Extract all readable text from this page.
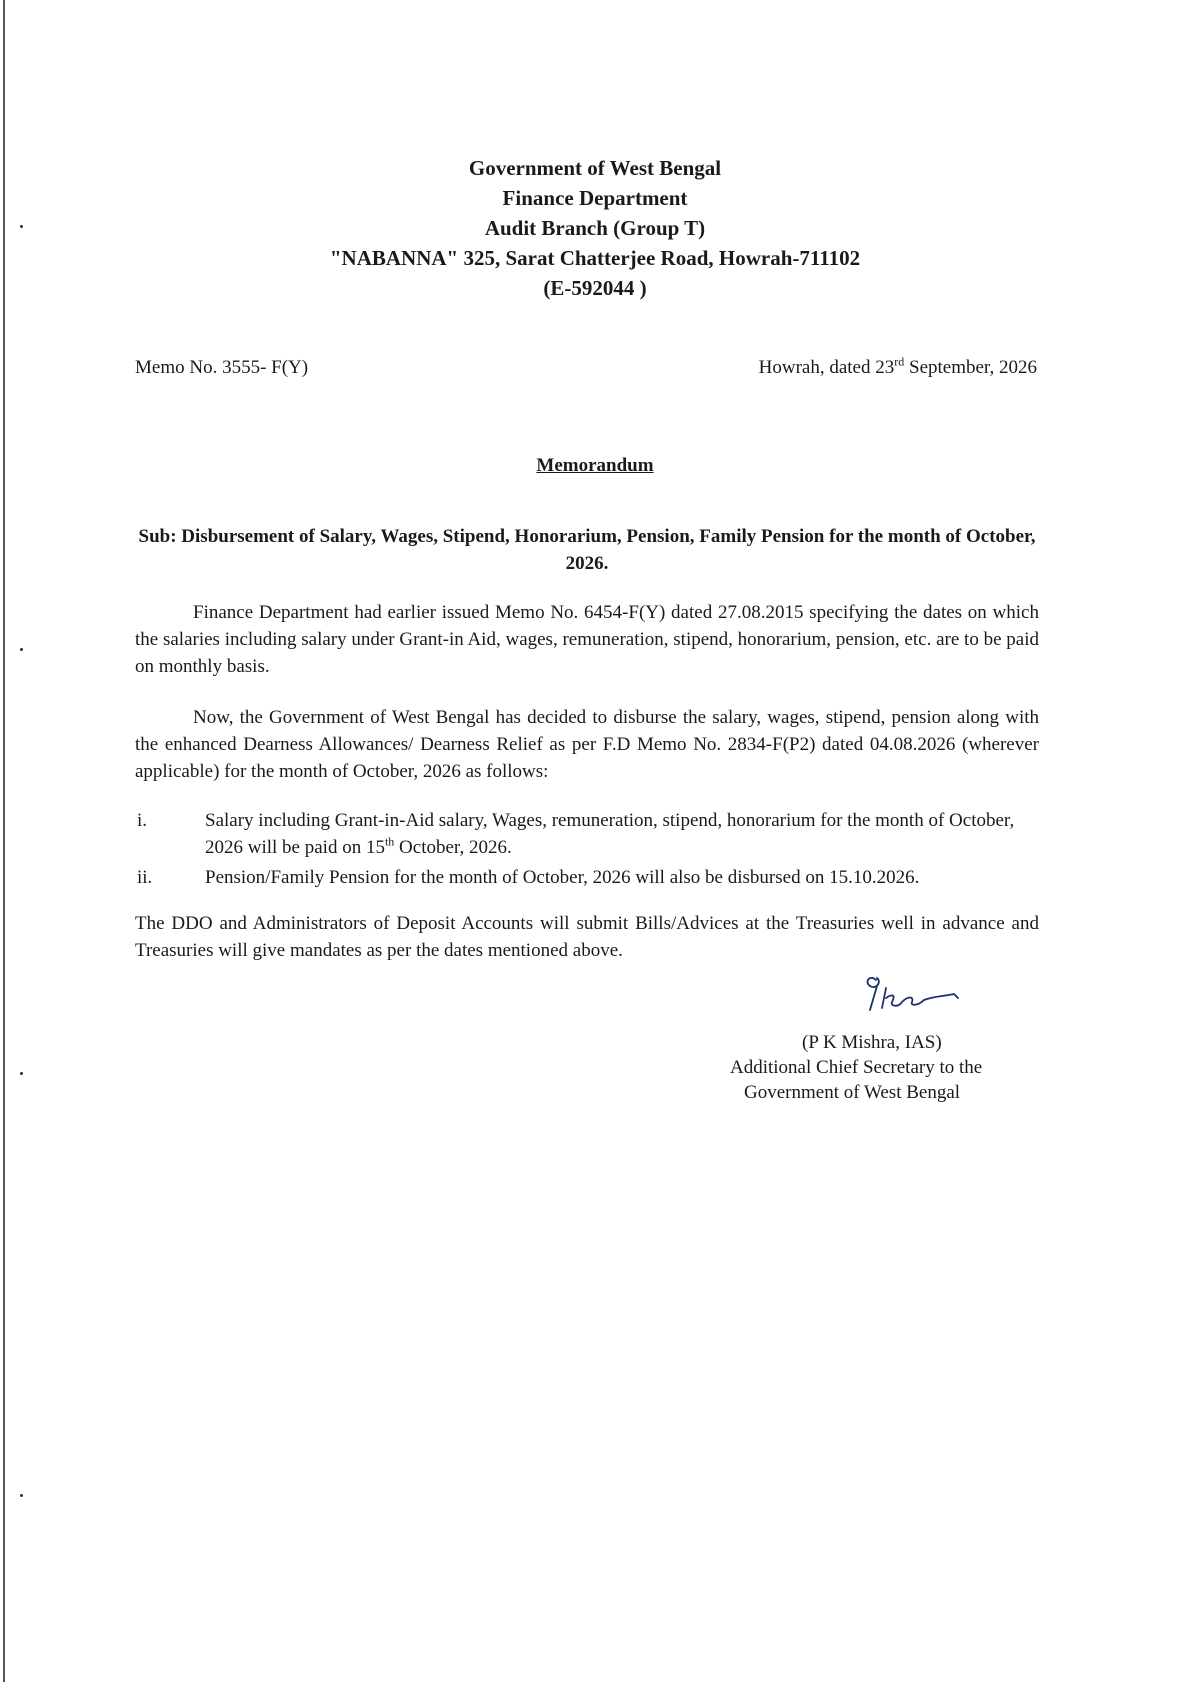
Government of West Bengal
Finance Department
Audit Branch (Group T)
"NABANNA" 325, Sarat Chatterjee Road, Howrah-711102
(E-592044 )
Memo No. 3555- F(Y)	Howrah, dated 23rd September, 2026
Memorandum
Sub: Disbursement of Salary, Wages, Stipend, Honorarium, Pension, Family Pension for the month of October, 2026.
Finance Department had earlier issued Memo No. 6454-F(Y) dated 27.08.2015 specifying the dates on which the salaries including salary under Grant-in Aid, wages, remuneration, stipend, honorarium, pension, etc. are to be paid on monthly basis.
Now, the Government of West Bengal has decided to disburse the salary, wages, stipend, pension along with the enhanced Dearness Allowances/ Dearness Relief as per F.D Memo No. 2834-F(P2) dated 04.08.2026 (wherever applicable) for the month of October, 2026 as follows:
i.	Salary including Grant-in-Aid salary, Wages, remuneration, stipend, honorarium for the month of October, 2026 will be paid on 15th October, 2026.
ii.	Pension/Family Pension for the month of October, 2026 will also be disbursed on 15.10.2026.
The DDO and Administrators of Deposit Accounts will submit Bills/Advices at the Treasuries well in advance and Treasuries will give mandates as per the dates mentioned above.
(P K Mishra, IAS)
Additional Chief Secretary to the
Government of West Bengal
